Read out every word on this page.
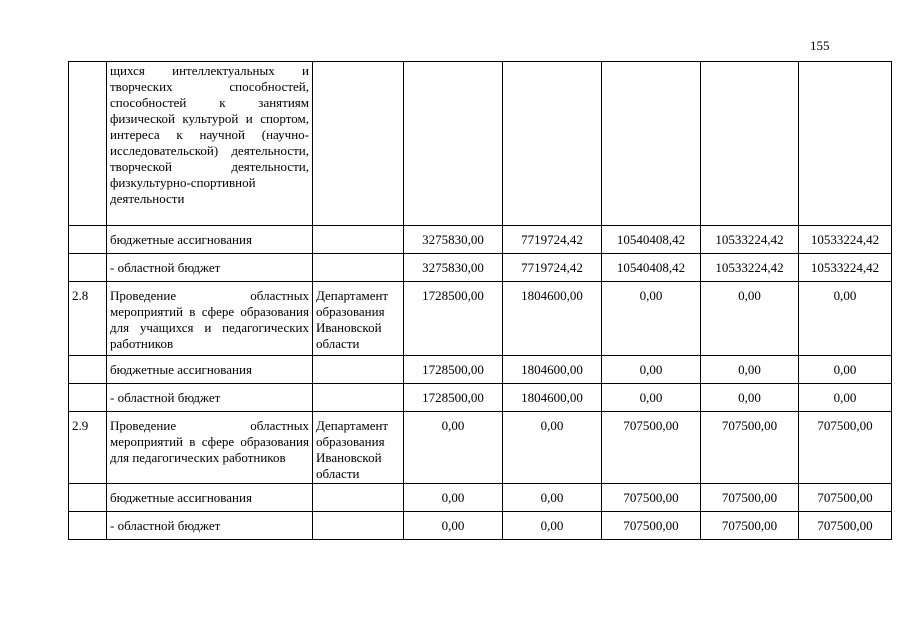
155
	щихся интеллектуальных и творческих способностей, способностей к занятиям физической культурой и спортом, интереса к научной (научно-исследовательской) деятельности, творческой деятельности, физкультурно-спортивной деятельности						
	бюджетные ассигнования		3275830,00	7719724,42	10540408,42	10533224,42	10533224,42
	- областной бюджет		3275830,00	7719724,42	10540408,42	10533224,42	10533224,42
2.8	Проведение областных мероприятий в сфере образования для учащихся и педагогических работников	Департамент образования Ивановской области	1728500,00	1804600,00	0,00	0,00	0,00
	бюджетные ассигнования		1728500,00	1804600,00	0,00	0,00	0,00
	- областной бюджет		1728500,00	1804600,00	0,00	0,00	0,00
2.9	Проведение областных мероприятий в сфере образования для педагогических работников	Департамент образования Ивановской области	0,00	0,00	707500,00	707500,00	707500,00
	бюджетные ассигнования		0,00	0,00	707500,00	707500,00	707500,00
	- областной бюджет		0,00	0,00	707500,00	707500,00	707500,00
